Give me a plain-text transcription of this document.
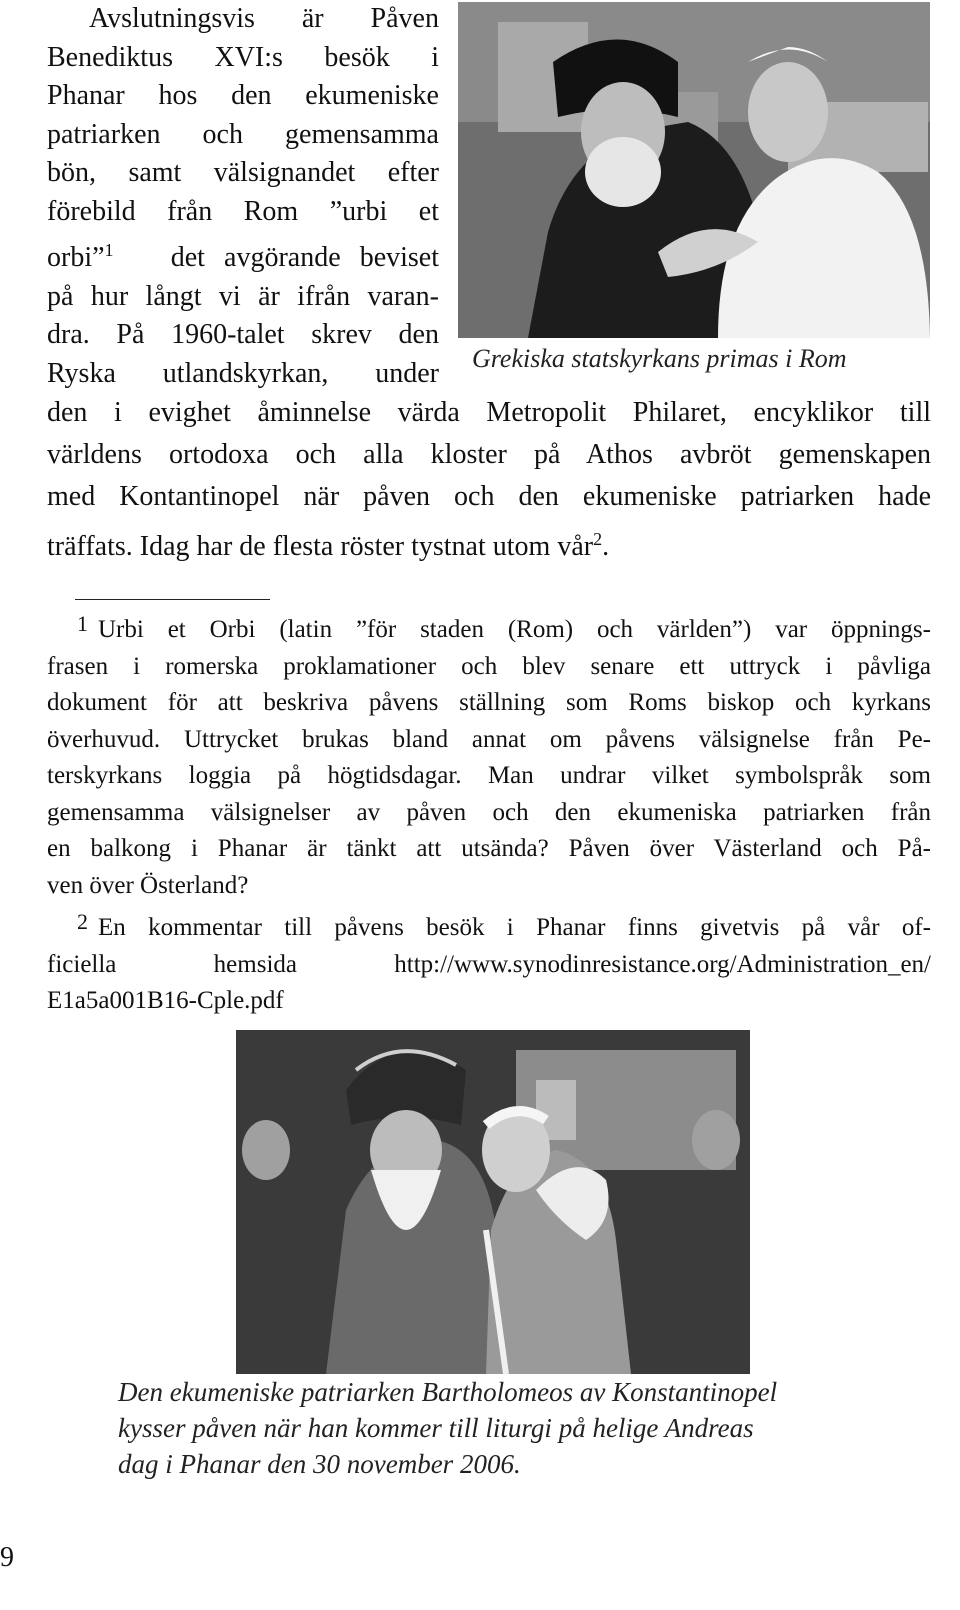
Avslutningsvis är Påven
Benediktus XVI:s besök i
Phanar hos den ekumeniske
patriarken och gemensamma
bön, samt välsignandet efter
förebild från Rom ”urbi et
orbi”$^1$ det avgörande beviset
på hur långt vi är ifrån varan-
dra. På 1960-talet skrev den
Ryska utlandskyrkan, under Grekiska statskyrkans primas i Rom
den i evighet åminnelse värda Metropolit Philaret, encyklikor till
världens ortodoxa och alla kloster på Athos avbröt gemenskapen
med Kontantinopel när påven och den ekumeniske patriarken hade
träffats. Idag har de flesta röster tystnat utom vår$^2$.
1 Urbi et Orbi (latin ”för staden (Rom) och världen”) var öppnings-
frasen i romerska proklamationer och blev senare ett uttryck i påvliga
dokument för att beskriva påvens ställning som Roms biskop och kyrkans
överhuvud. Uttrycket brukas bland annat om påvens välsignelse från Pe-
terskyrkans loggia på högtidsdagar. Man undrar vilket symbolspråk som
gemensamma välsignelser av påven och den ekumeniska patriarken från
en balkong i Phanar är tänkt att utsända? Påven över Västerland och På-
ven över Österland?
2 En kommentar till påvens besök i Phanar finns givetvis på vår of-
ficiella hemsida http://www.synodinresistance.org/Administration_en/
E1a5a001B16-Cple.pdf
Den ekumeniske patriarken Bartholomeos av Konstantinopel
kysser påven när han kommer till liturgi på helige Andreas
dag i Phanar den 30 november 2006.
9
